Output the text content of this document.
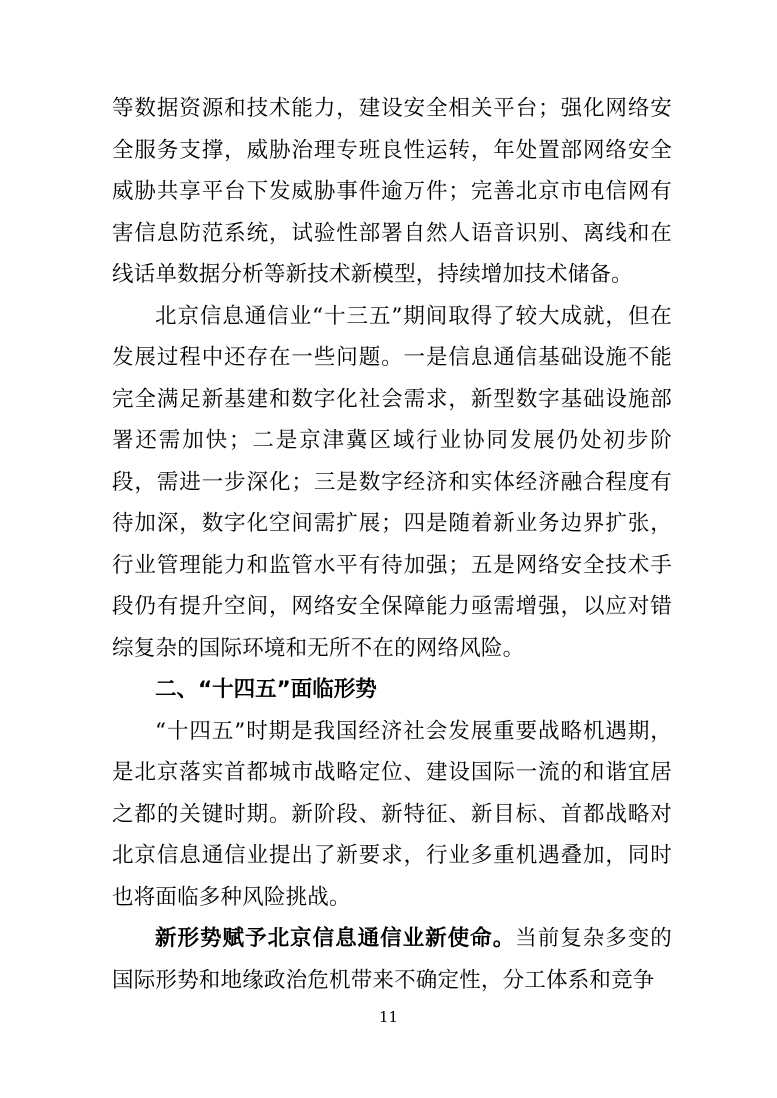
等数据资源和技术能力，建设安全相关平台；强化网络安全服务支撑，威胁治理专班良性运转，年处置部网络安全威胁共享平台下发威胁事件逾万件；完善北京市电信网有害信息防范系统，试验性部署自然人语音识别、离线和在线话单数据分析等新技术新模型，持续增加技术储备。

北京信息通信业“十三五”期间取得了较大成就，但在发展过程中还存在一些问题。一是信息通信基础设施不能完全满足新基建和数字化社会需求，新型数字基础设施部署还需加快；二是京津冀区域行业协同发展仍处初步阶段，需进一步深化；三是数字经济和实体经济融合程度有待加深，数字化空间需扩展；四是随着新业务边界扩张，行业管理能力和监管水平有待加强；五是网络安全技术手段仍有提升空间，网络安全保障能力亟需增强，以应对错综复杂的国际环境和无所不在的网络风险。

二、“十四五”面临形势

“十四五”时期是我国经济社会发展重要战略机遇期，是北京落实首都城市战略定位、建设国际一流的和谐宜居之都的关键时期。新阶段、新特征、新目标、首都战略对北京信息通信业提出了新要求，行业多重机遇叠加，同时也将面临多种风险挑战。

新形势赋予北京信息通信业新使命。当前复杂多变的国际形势和地缘政治危机带来不确定性，分工体系和竞争

11
